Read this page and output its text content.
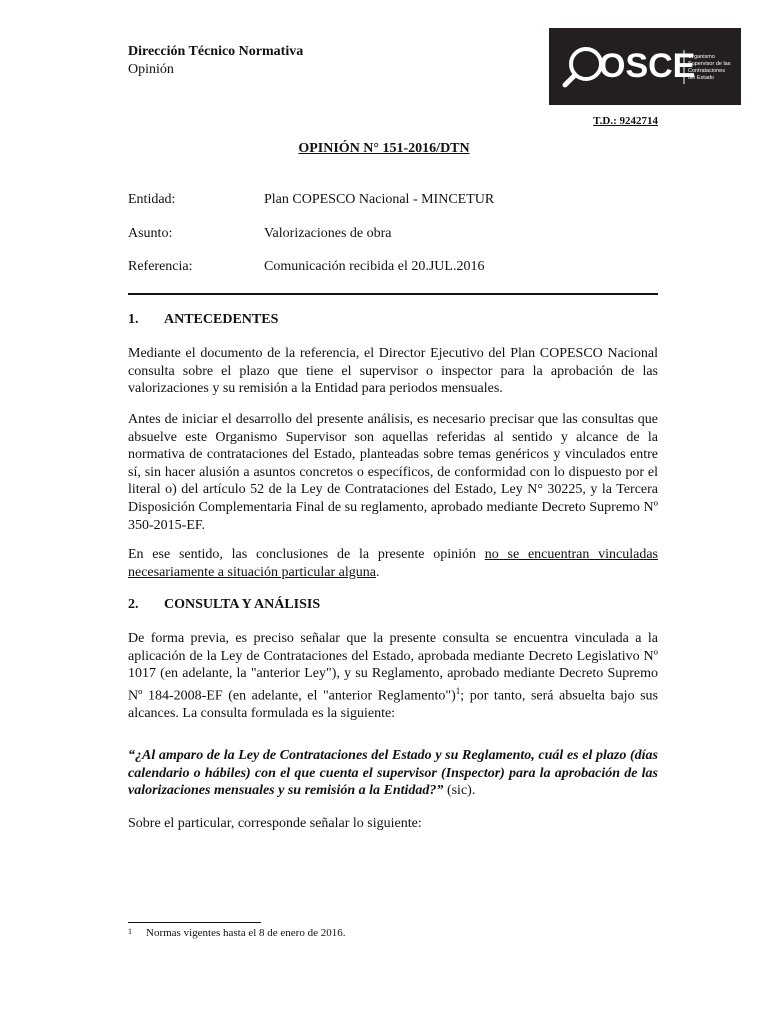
Dirección Técnico Normativa
Opinión	OSCE
Organismo
Supervisor de las
Contrataciones
del Estado
T.D.: 9242714
OPINIÓN N° 151-2016/DTN
Entidad:	Plan COPESCO Nacional - MINCETUR
Asunto:	Valorizaciones de obra
Referencia:	Comunicación recibida el 20.JUL.2016
1. ANTECEDENTES
Mediante el documento de la referencia, el Director Ejecutivo del Plan COPESCO Nacional consulta sobre el plazo que tiene el supervisor o inspector para la aprobación de las valorizaciones y su remisión a la Entidad para periodos mensuales.
Antes de iniciar el desarrollo del presente análisis, es necesario precisar que las consultas que absuelve este Organismo Supervisor son aquellas referidas al sentido y alcance de la normativa de contrataciones del Estado, planteadas sobre temas genéricos y vinculados entre sí, sin hacer alusión a asuntos concretos o específicos, de conformidad con lo dispuesto por el literal o) del artículo 52 de la Ley de Contrataciones del Estado, Ley N° 30225, y la Tercera Disposición Complementaria Final de su reglamento, aprobado mediante Decreto Supremo Nº 350-2015-EF.
En ese sentido, las conclusiones de la presente opinión no se encuentran vinculadas necesariamente a situación particular alguna.
2. CONSULTA Y ANÁLISIS
De forma previa, es preciso señalar que la presente consulta se encuentra vinculada a la aplicación de la Ley de Contrataciones del Estado, aprobada mediante Decreto Legislativo Nº 1017 (en adelante, la "anterior Ley"), y su Reglamento, aprobado mediante Decreto Supremo Nº 184-2008-EF (en adelante, el "anterior Reglamento")$^1$; por tanto, será absuelta bajo sus alcances. La consulta formulada es la siguiente:
“¿Al amparo de la Ley de Contrataciones del Estado y su Reglamento, cuál es el plazo (días calendario o hábiles) con el que cuenta el supervisor (Inspector) para la aprobación de las valorizaciones mensuales y su remisión a la Entidad?” (sic).
Sobre el particular, corresponde señalar lo siguiente:
$^1$ Normas vigentes hasta el 8 de enero de 2016.
